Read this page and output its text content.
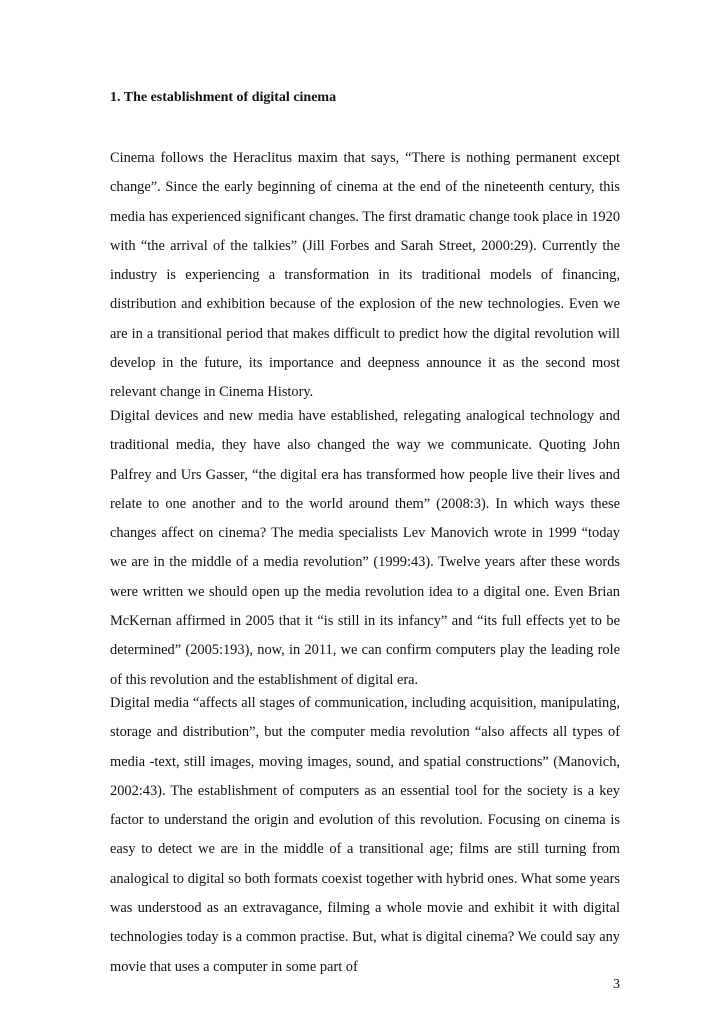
1. The establishment of digital cinema

Cinema follows the Heraclitus maxim that says, “There is nothing permanent except change”. Since the early beginning of cinema at the end of the nineteenth century, this media has experienced significant changes. The first dramatic change took place in 1920 with “the arrival of the talkies” (Jill Forbes and Sarah Street, 2000:29). Currently the industry is experiencing a transformation in its traditional models of financing, distribution and exhibition because of the explosion of the new technologies. Even we are in a transitional period that makes difficult to predict how the digital revolution will develop in the future, its importance and deepness announce it as the second most relevant change in Cinema History.

Digital devices and new media have established, relegating analogical technology and traditional media, they have also changed the way we communicate. Quoting John Palfrey and Urs Gasser, “the digital era has transformed how people live their lives and relate to one another and to the world around them” (2008:3). In which ways these changes affect on cinema? The media specialists Lev Manovich wrote in 1999 “today we are in the middle of a media revolution” (1999:43). Twelve years after these words were written we should open up the media revolution idea to a digital one. Even Brian McKernan affirmed in 2005 that it “is still in its infancy” and “its full effects yet to be determined” (2005:193), now, in 2011, we can confirm computers play the leading role of this revolution and the establishment of digital era.

Digital media “affects all stages of communication, including acquisition, manipulating, storage and distribution”, but the computer media revolution “also affects all types of media -text, still images, moving images, sound, and spatial constructions” (Manovich, 2002:43). The establishment of computers as an essential tool for the society is a key factor to understand the origin and evolution of this revolution. Focusing on cinema is easy to detect we are in the middle of a transitional age; films are still turning from analogical to digital so both formats coexist together with hybrid ones. What some years was understood as an extravagance, filming a whole movie and exhibit it with digital technologies today is a common practise. But, what is digital cinema? We could say any movie that uses a computer in some part of

3
